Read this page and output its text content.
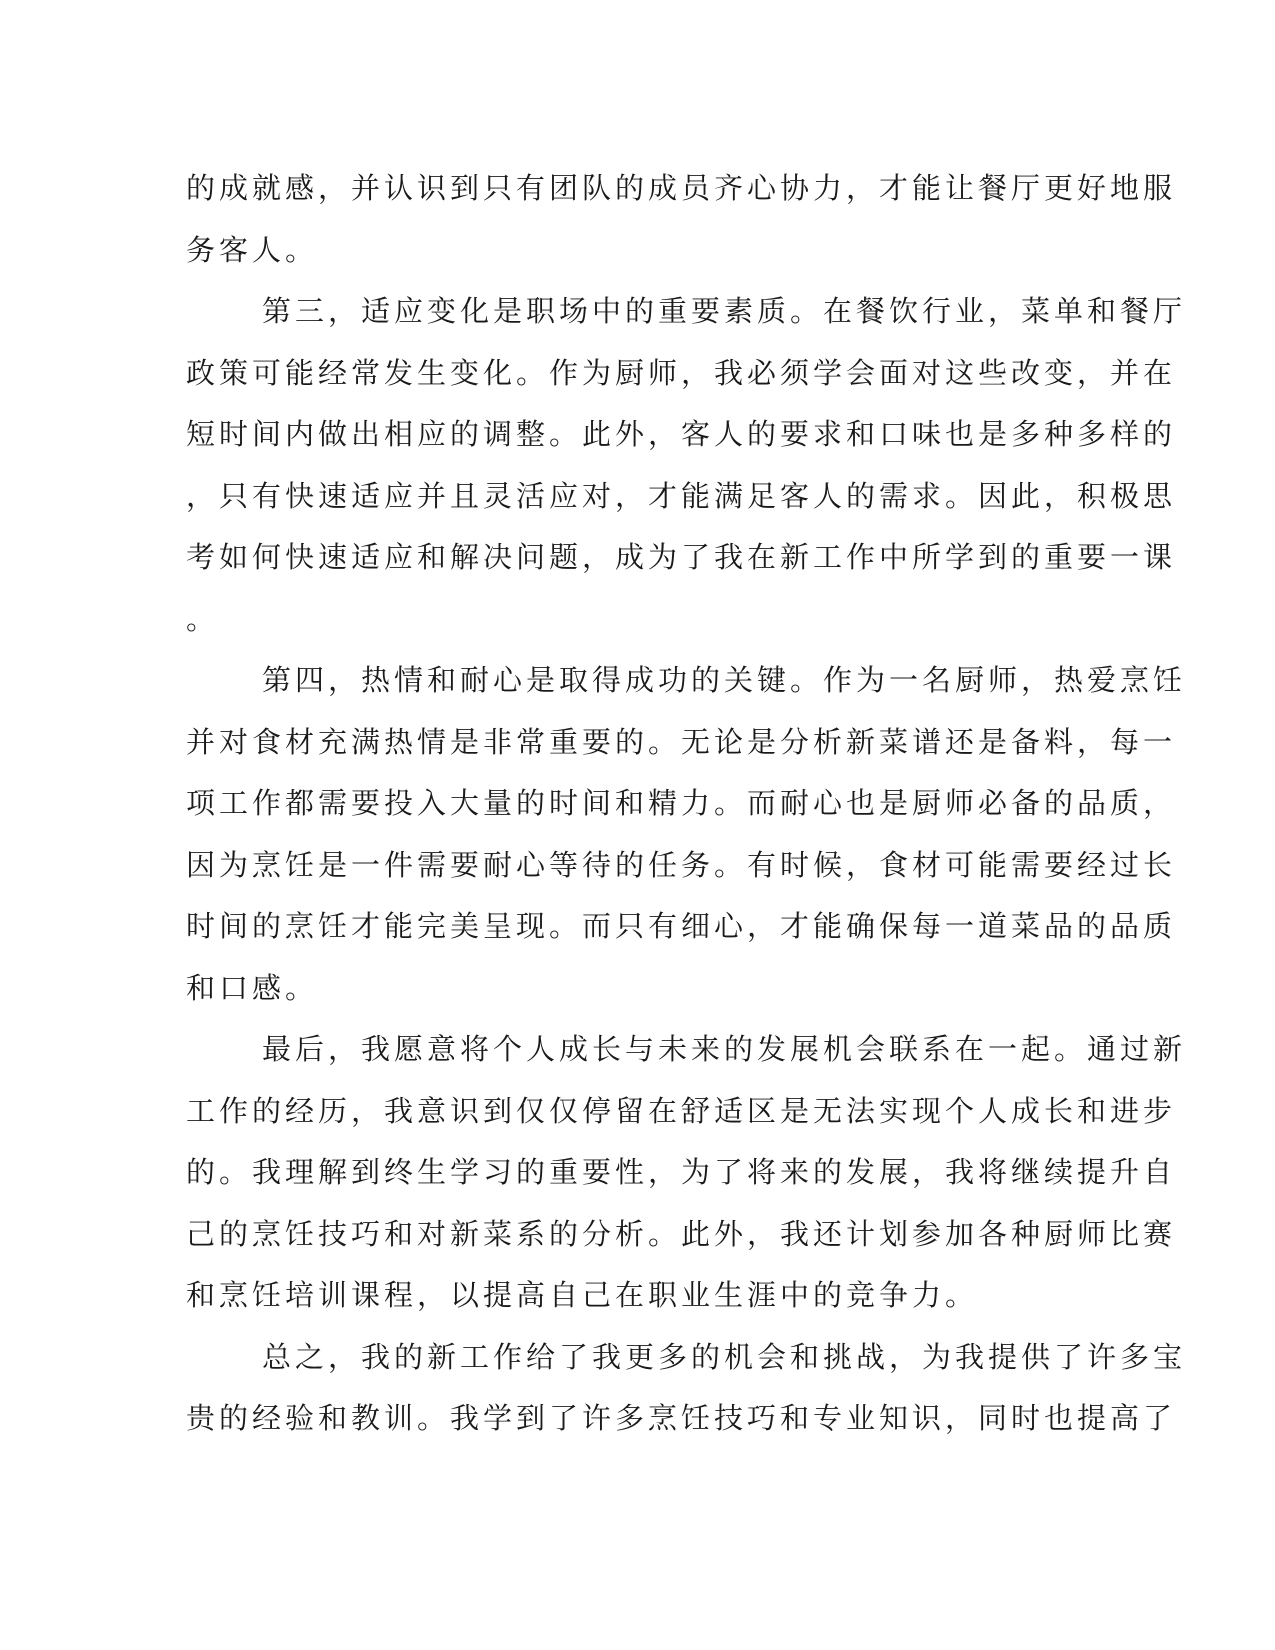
的成就感，并认识到只有团队的成员齐心协力，才能让餐厅更好地服
务客人。
第三，适应变化是职场中的重要素质。在餐饮行业，菜单和餐厅
政策可能经常发生变化。作为厨师，我必须学会面对这些改变，并在
短时间内做出相应的调整。此外，客人的要求和口味也是多种多样的
，只有快速适应并且灵活应对，才能满足客人的需求。因此，积极思
考如何快速适应和解决问题，成为了我在新工作中所学到的重要一课
。
第四，热情和耐心是取得成功的关键。作为一名厨师，热爱烹饪
并对食材充满热情是非常重要的。无论是分析新菜谱还是备料，每一
项工作都需要投入大量的时间和精力。而耐心也是厨师必备的品质，
因为烹饪是一件需要耐心等待的任务。有时候，食材可能需要经过长
时间的烹饪才能完美呈现。而只有细心，才能确保每一道菜品的品质
和口感。
最后，我愿意将个人成长与未来的发展机会联系在一起。通过新
工作的经历，我意识到仅仅停留在舒适区是无法实现个人成长和进步
的。我理解到终生学习的重要性，为了将来的发展，我将继续提升自
己的烹饪技巧和对新菜系的分析。此外，我还计划参加各种厨师比赛
和烹饪培训课程，以提高自己在职业生涯中的竞争力。
总之，我的新工作给了我更多的机会和挑战，为我提供了许多宝
贵的经验和教训。我学到了许多烹饪技巧和专业知识，同时也提高了
